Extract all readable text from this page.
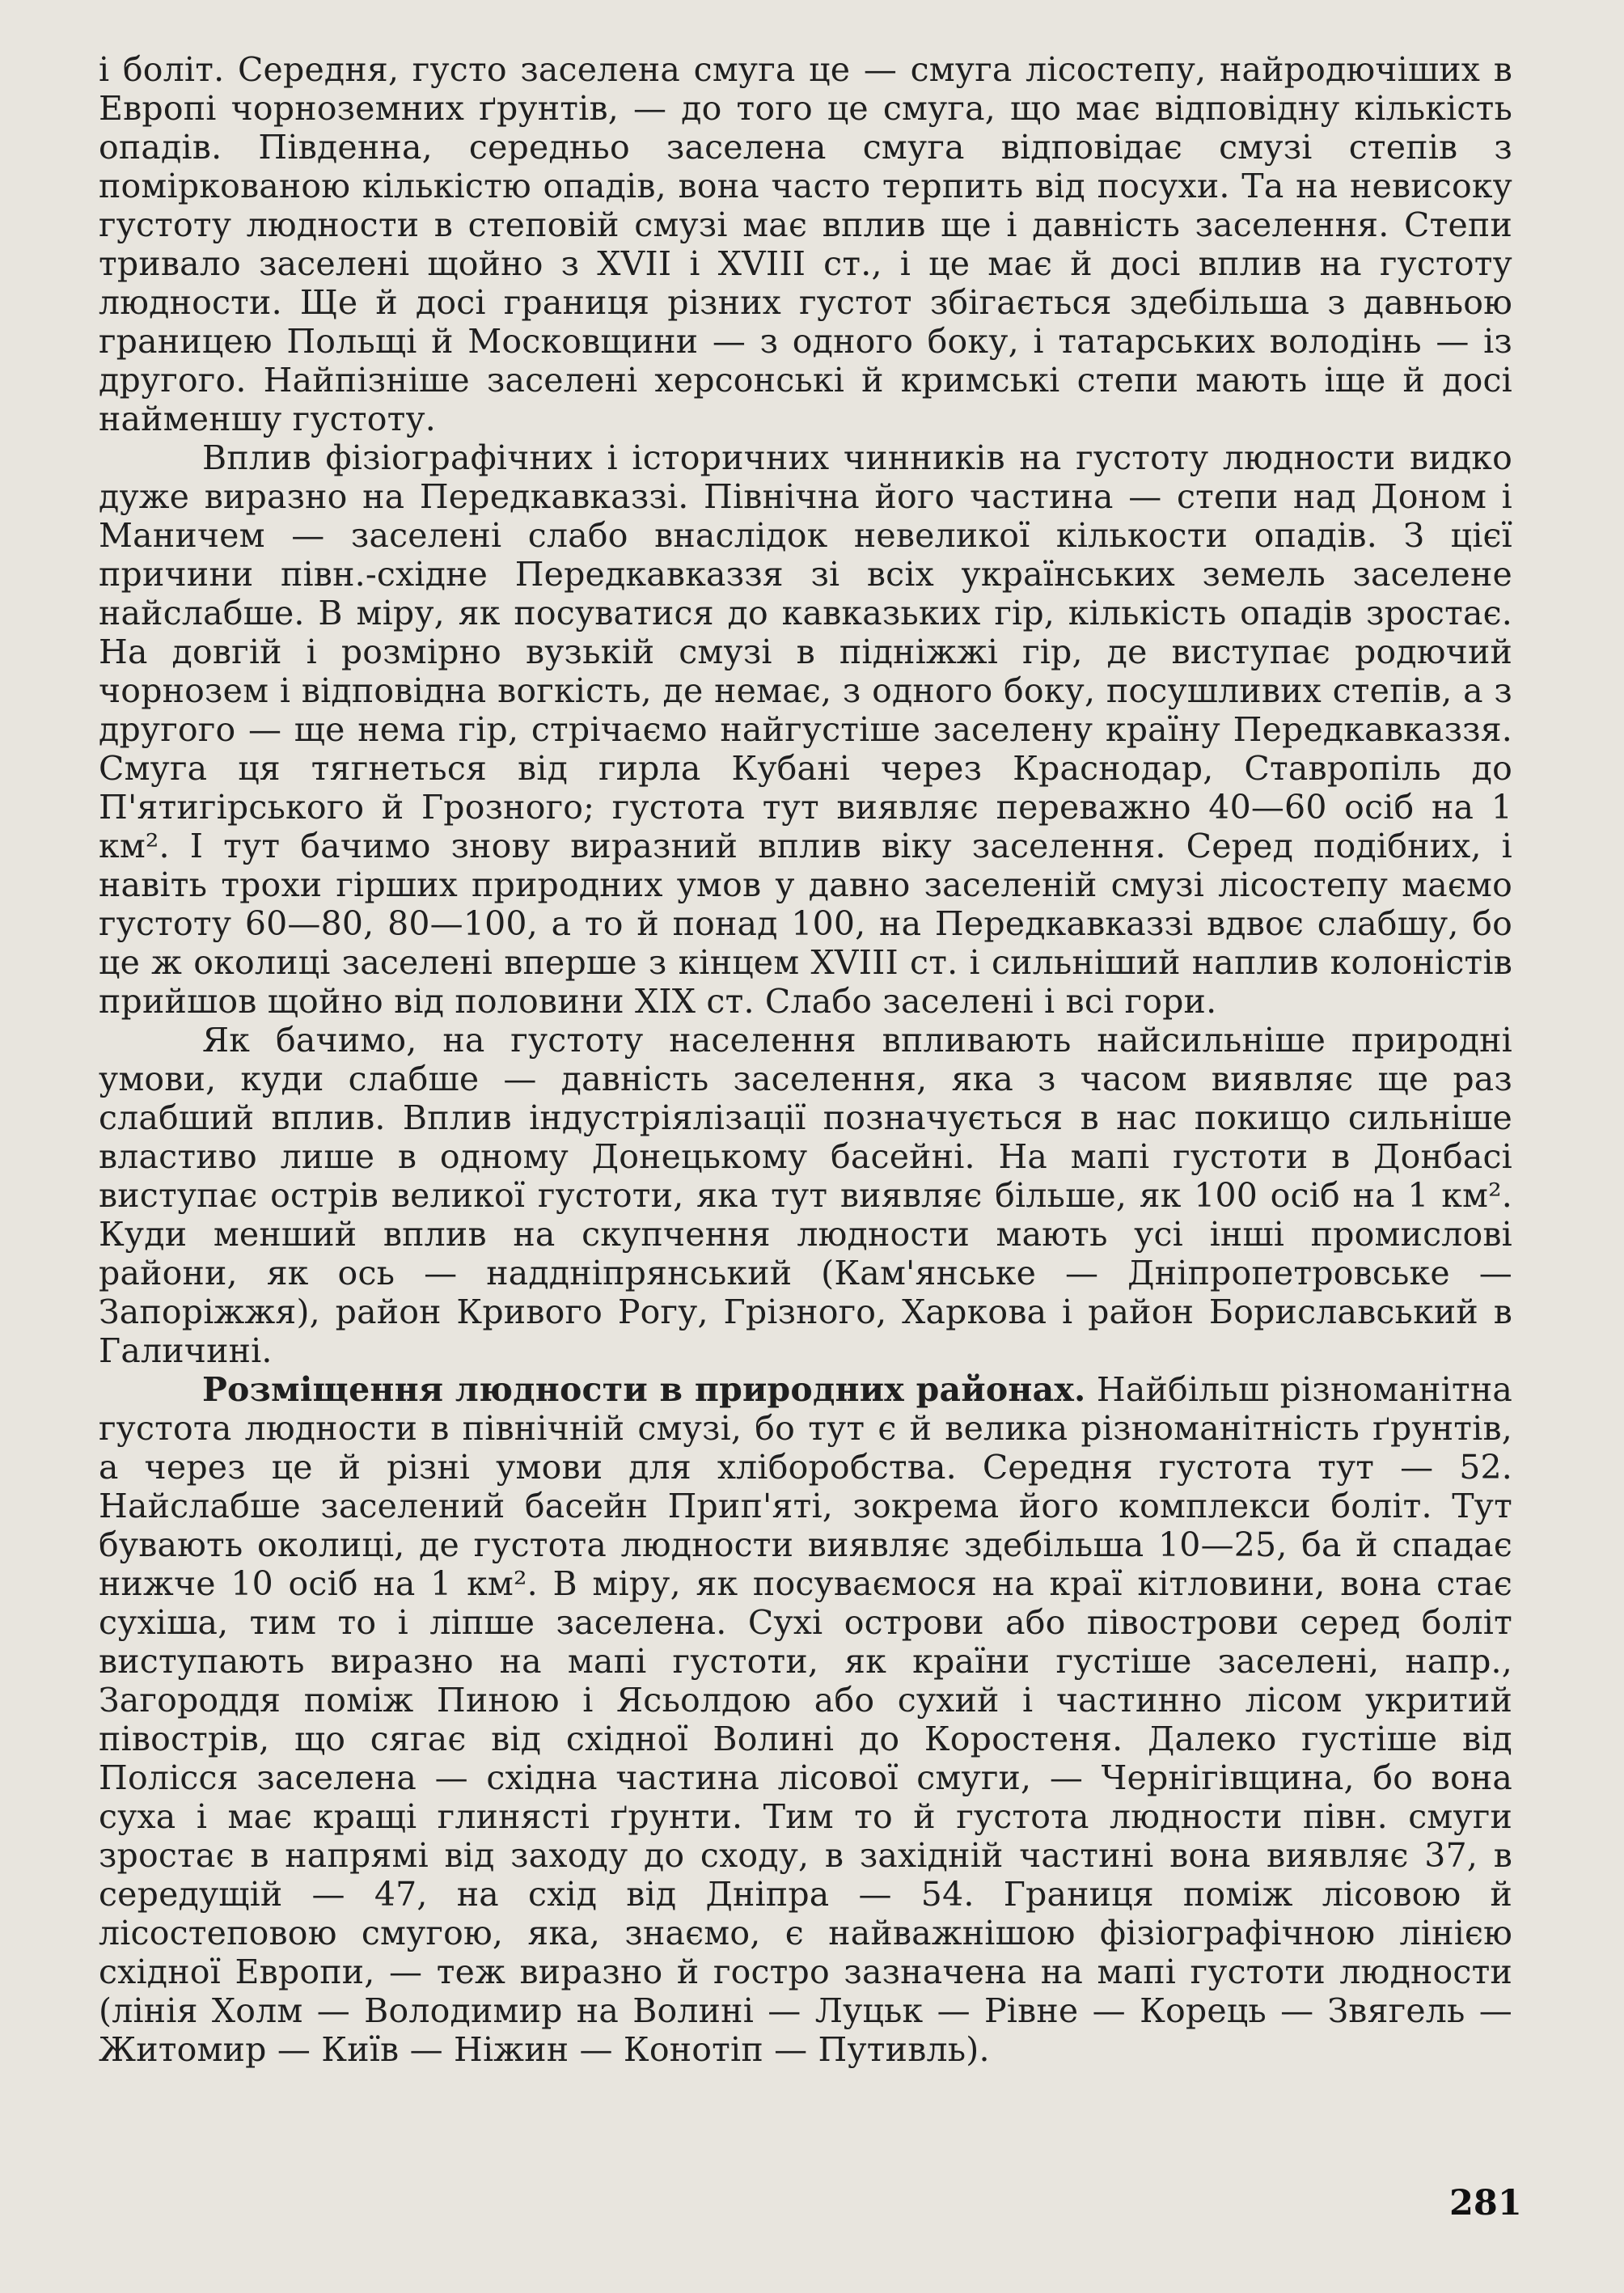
і боліт. Середня, густо заселена смуга це — смуга лісостепу, найродючіших в Европі чорноземних ґрунтів, — до того це смуга, що має відповідну кількість опадів. Південна, середньо заселена смуга відповідає смузі степів з поміркованою кількістю опадів, вона часто терпить від посухи. Та на невисоку густоту людности в степовій смузі має вплив ще і давність заселення. Степи тривало заселені щойно з XVII і XVIII ст., і це має й досі вплив на густоту людности. Ще й досі границя різних густот збігається здебільша з давньою границею Польщі й Московщини — з одного боку, і татарських володінь — із другого. Найпізніше заселені херсонські й кримські степи мають іще й досі найменшу густоту.

Вплив фізіографічних і історичних чинників на густоту людности видко дуже виразно на Передкавказзі. Північна його частина — степи над Доном і Маничем — заселені слабо внаслідок невеликої кількости опадів. З цієї причини півн.-східне Передкавказзя зі всіх українських земель заселене найслабше. В міру, як посуватися до кавказьких гір, кількість опадів зростає. На довгій і розмірно вузькій смузі в підніжжі гір, де виступає родючий чорнозем і відповідна вогкість, де немає, з одного боку, посушливих степів, а з другого — ще нема гір, стрічаємо найгустіше заселену країну Передкавказзя. Смуга ця тягнеться від гирла Кубані через Краснодар, Ставропіль до П'ятигірського й Грозного; густота тут виявляє переважно 40—60 осіб на 1 км². І тут бачимо знову виразний вплив віку заселення. Серед подібних, і навіть трохи гірших природних умов у давно заселеній смузі лісостепу маємо густоту 60—80, 80—100, а то й понад 100, на Передкавказзі вдвоє слабшу, бо це ж околиці заселені вперше з кінцем XVIII ст. і сильніший наплив колоністів прийшов щойно від половини XIX ст. Слабо заселені і всі гори.

Як бачимо, на густоту населення впливають найсильніше природні умови, куди слабше — давність заселення, яка з часом виявляє ще раз слабший вплив. Вплив індустріялізації позначується в нас покищо сильніше властиво лише в одному Донецькому басейні. На мапі густоти в Донбасі виступає острів великої густоти, яка тут виявляє більше, як 100 осіб на 1 км². Куди менший вплив на скупчення людности мають усі інші промислові райони, як ось — наддніпрянський (Кам'янське — Дніпропетровське — Запоріжжя), район Кривого Рогу, Грізного, Харкова і район Бориславський в Галичині.

Розміщення людности в природних районах. Найбільш різноманітна густота людности в північній смузі, бо тут є й велика різноманітність ґрунтів, а через це й різні умови для хліборобства. Середня густота тут — 52. Найслабше заселений басейн Прип'яті, зокрема його комплекси боліт. Тут бувають околиці, де густота людности виявляє здебільша 10—25, ба й спадає нижче 10 осіб на 1 км². В міру, як посуваємося на краї кітловини, вона стає сухіша, тим то і ліпше заселена. Сухі острови або півострови серед боліт виступають виразно на мапі густоти, як країни густіше заселені, напр., Загороддя поміж Пиною і Ясьолдою або сухий і частинно лісом укритий півострів, що сягає від східної Волині до Коростеня. Далеко густіше від Полісся заселена — східна частина лісової смуги, — Чернігівщина, бо вона суха і має кращі глинясті ґрунти. Тим то й густота людности півн. смуги зростає в напрямі від заходу до сходу, в західній частині вона виявляє 37, в середущій — 47, на схід від Дніпра — 54. Границя поміж лісовою й лісостеповою смугою, яка, знаємо, є найважнішою фізіографічною лінією східної Европи, — теж виразно й гостро зазначена на мапі густоти людности (лінія Холм — Володимир на Волині — Луцьк — Рівне — Корець — Звягель — Житомир — Київ — Ніжин — Конотіп — Путивль).

281
